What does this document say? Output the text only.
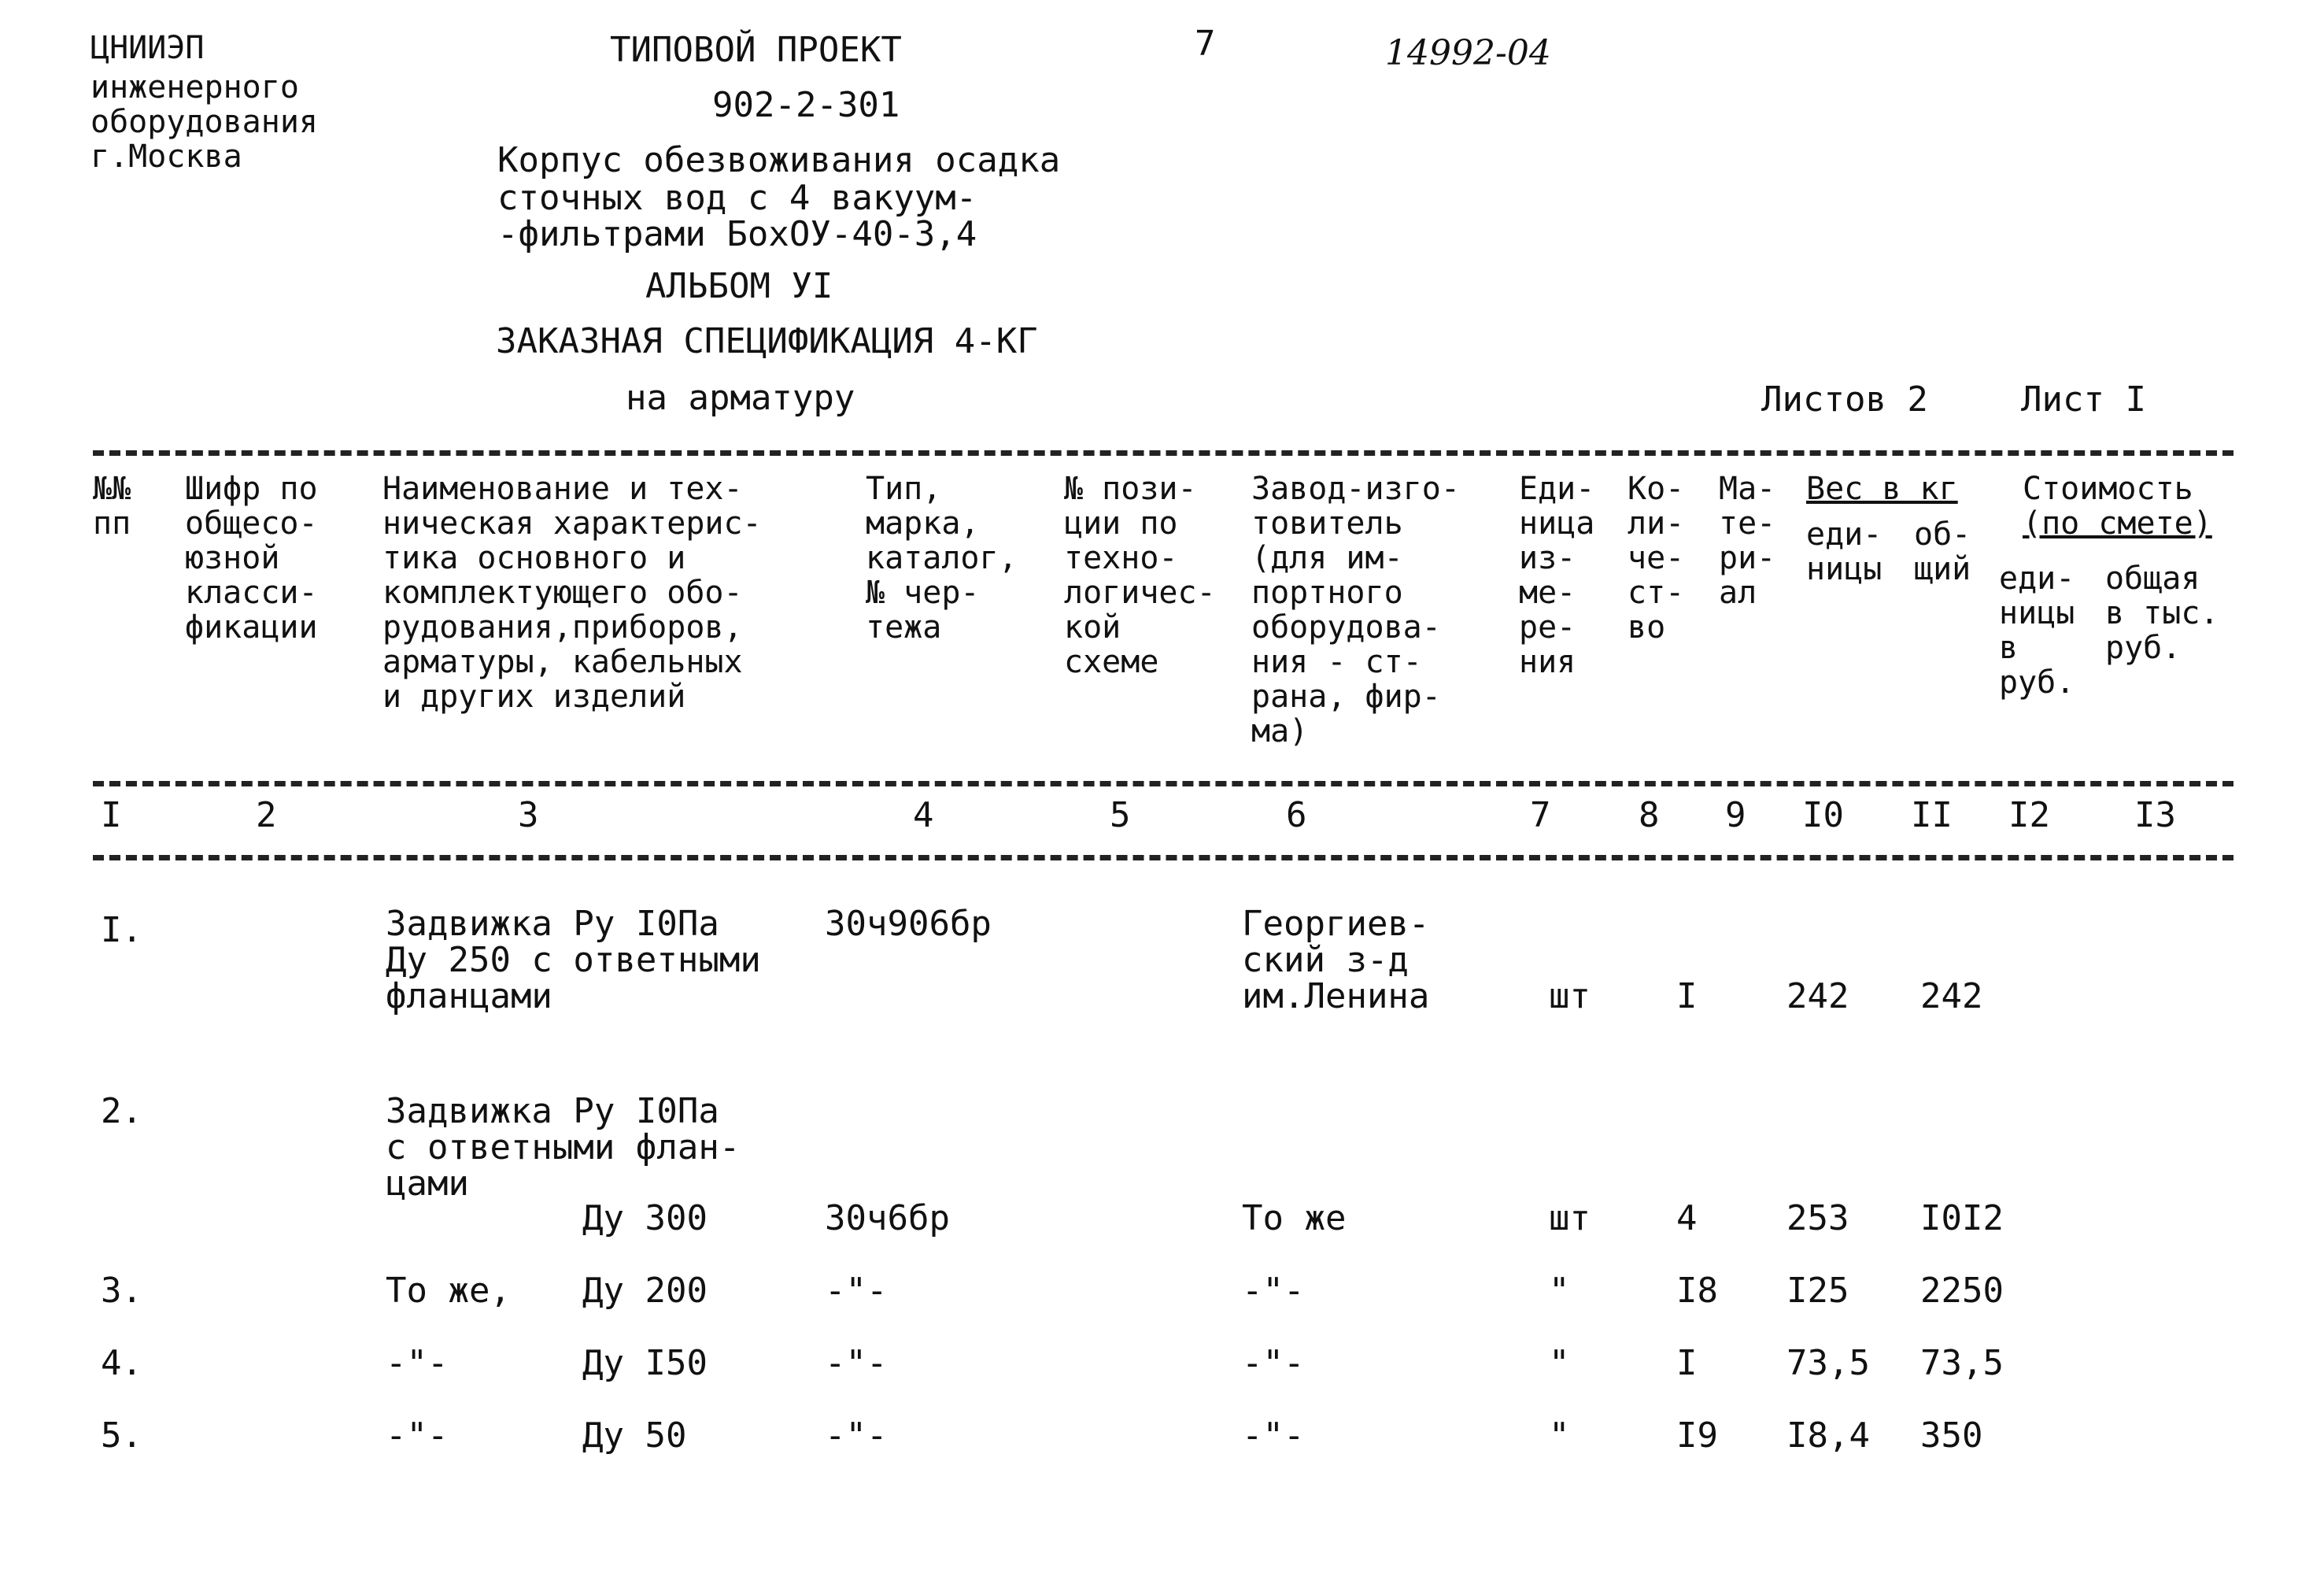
ЦНИИЭП
инженерного
оборудования
г.Москва
ТИПОВОЙ ПРОЕКТ	7	14992-04
902-2-301
Корпус обезвоживания осадка
сточных вод с 4 вакуум-
-фильтрами БохОУ-40-3,4
АЛЬБОМ УI
ЗАКАЗНАЯ СПЕЦИФИКАЦИЯ 4-КГ
на арматуру	Листов 2	Лист I
№№
пп
Шифр по
общесо-
юзной
класси-
фикации
Наименование и тех-
ническая характерис-
тика основного и
комплектующего обо-
рудования,приборов,
арматуры, кабельных
и других изделий
Тип,
марка,
каталог,
№ чер-
тежа
№ пози-
ции по
техно-
логичес-
кой
схеме
Завод-изго-
товитель
(для им-
портного
оборудова-
ния - ст-
рана, фир-
ма)
Еди-
ница
из-
ме-
ре-
ния
Ко-
ли-
че-
ст-
во
Ма-
те-
ри-
ал
Вес в кг
еди-
ницы
об-
щий
Стоимость
(по смете)
еди-
ницы
в
руб.
общая
в тыс.
руб.
I	2	3	4	5	6	7	8 9 I0 II I2 I3
I.	Задвижка Ру I0Па
Ду 250 с ответными
фланцами
30ч906бр	Георгиев-
ский з-д
им.Ленина	шт I	242 242
2.	Задвижка Ру I0Па
с ответными флан-
цами
Ду 300	30ч6бр	То же	шт 4	253 I0I2
3.	То же, Ду 200	-"-	-"-	"	I8 I25 2250
4.	-"-	Ду I50	-"-	-"-	"	I	73,5 73,5
5.	-"-	Ду 50	-"-	-"-	"	I9 I8,4 350
